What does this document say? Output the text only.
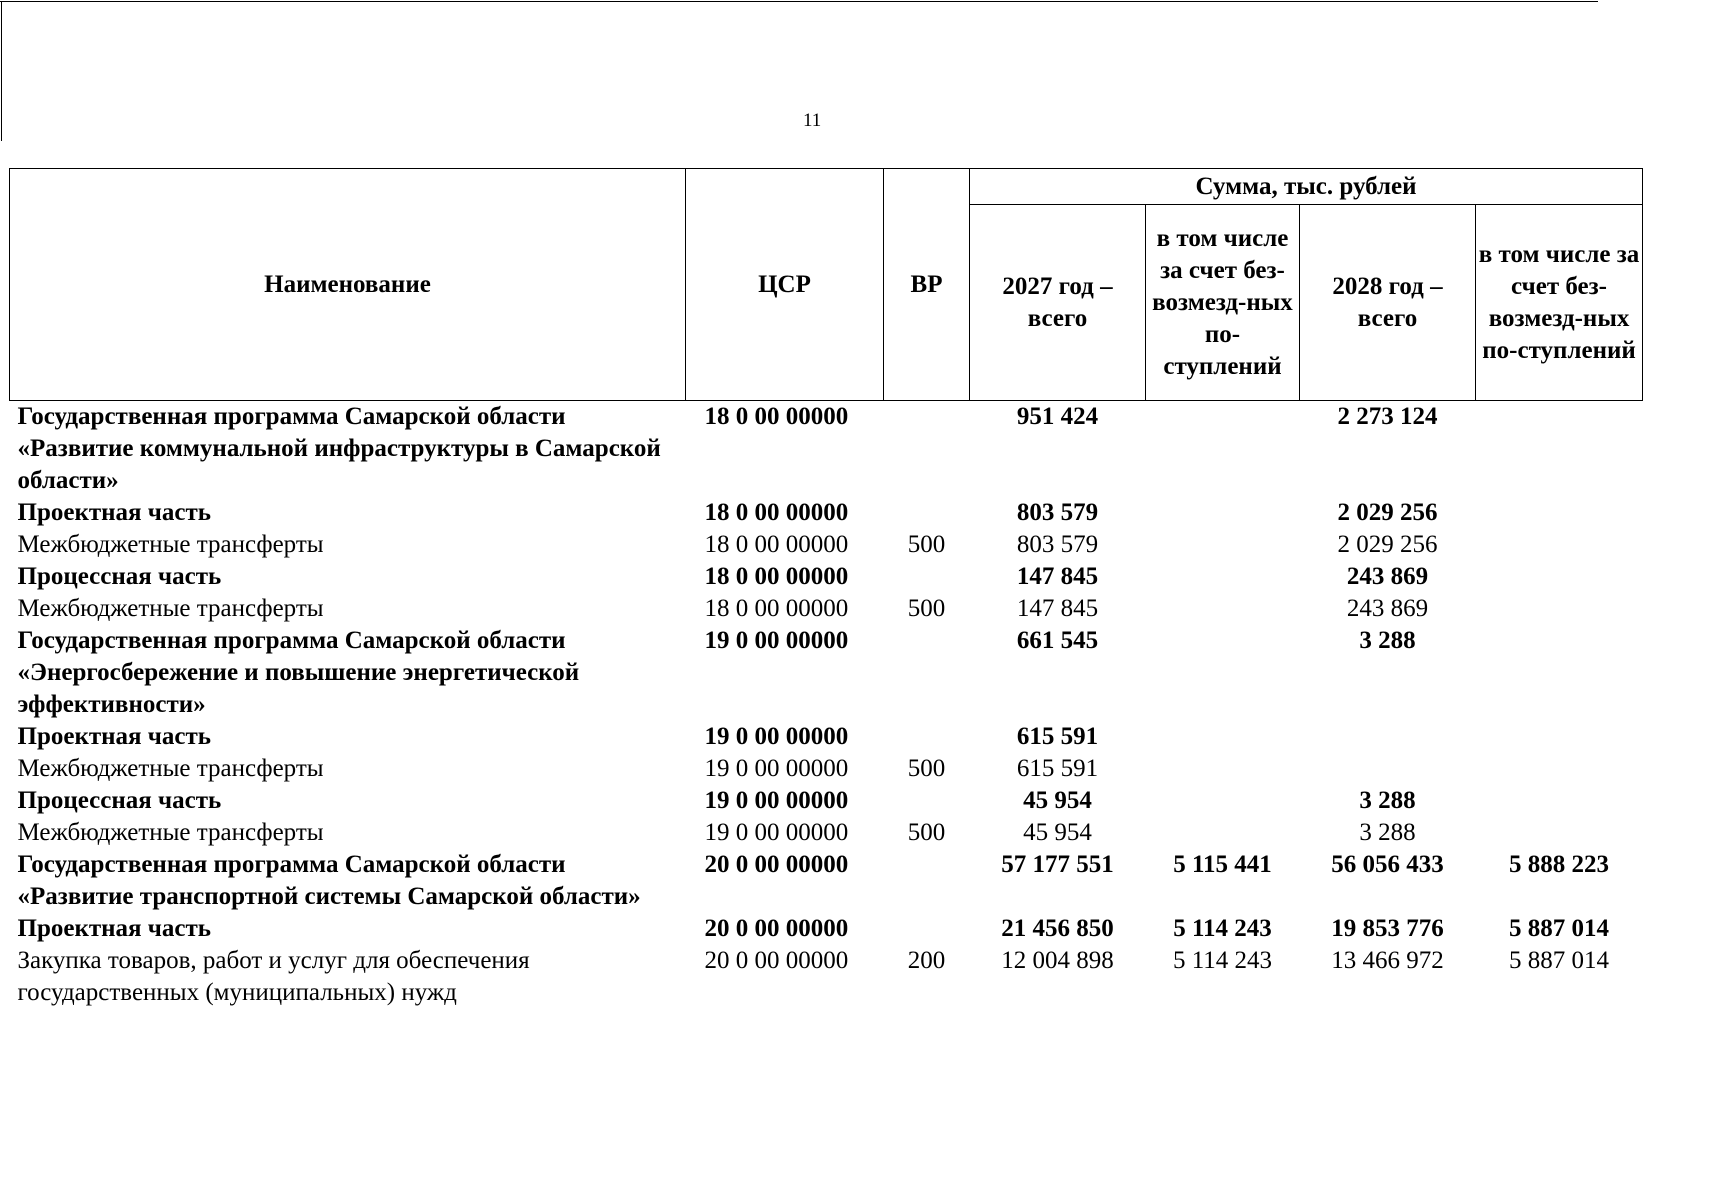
11
Наименование	ЦСР	ВР	Сумма, тыс. рублей			
			2027 год – всего	в том числе за счет без-возмезд-ных по-ступлений	2028 год – всего	в том числе за счет без-возмезд-ных по-ступлений
Государственная программа Самарской области «Развитие коммунальной инфраструктуры в Самарской области»	18 0 00 00000		951 424		2 273 124	
Проектная часть	18 0 00 00000		803 579		2 029 256	
Межбюджетные трансферты	18 0 00 00000	500	803 579		2 029 256	
Процессная часть	18 0 00 00000		147 845		243 869	
Межбюджетные трансферты	18 0 00 00000	500	147 845		243 869	
Государственная программа Самарской области «Энергосбережение и повышение энергетической эффективности»	19 0 00 00000		661 545		3 288	
Проектная часть	19 0 00 00000		615 591			
Межбюджетные трансферты	19 0 00 00000	500	615 591			
Процессная часть	19 0 00 00000		45 954		3 288	
Межбюджетные трансферты	19 0 00 00000	500	45 954		3 288	
Государственная программа Самарской области «Развитие транспортной системы Самарской области»	20 0 00 00000		57 177 551	5 115 441	56 056 433	5 888 223
Проектная часть	20 0 00 00000		21 456 850	5 114 243	19 853 776	5 887 014
Закупка товаров, работ и услуг для обеспечения государственных (муниципальных) нужд	20 0 00 00000	200	12 004 898	5 114 243	13 466 972	5 887 014
